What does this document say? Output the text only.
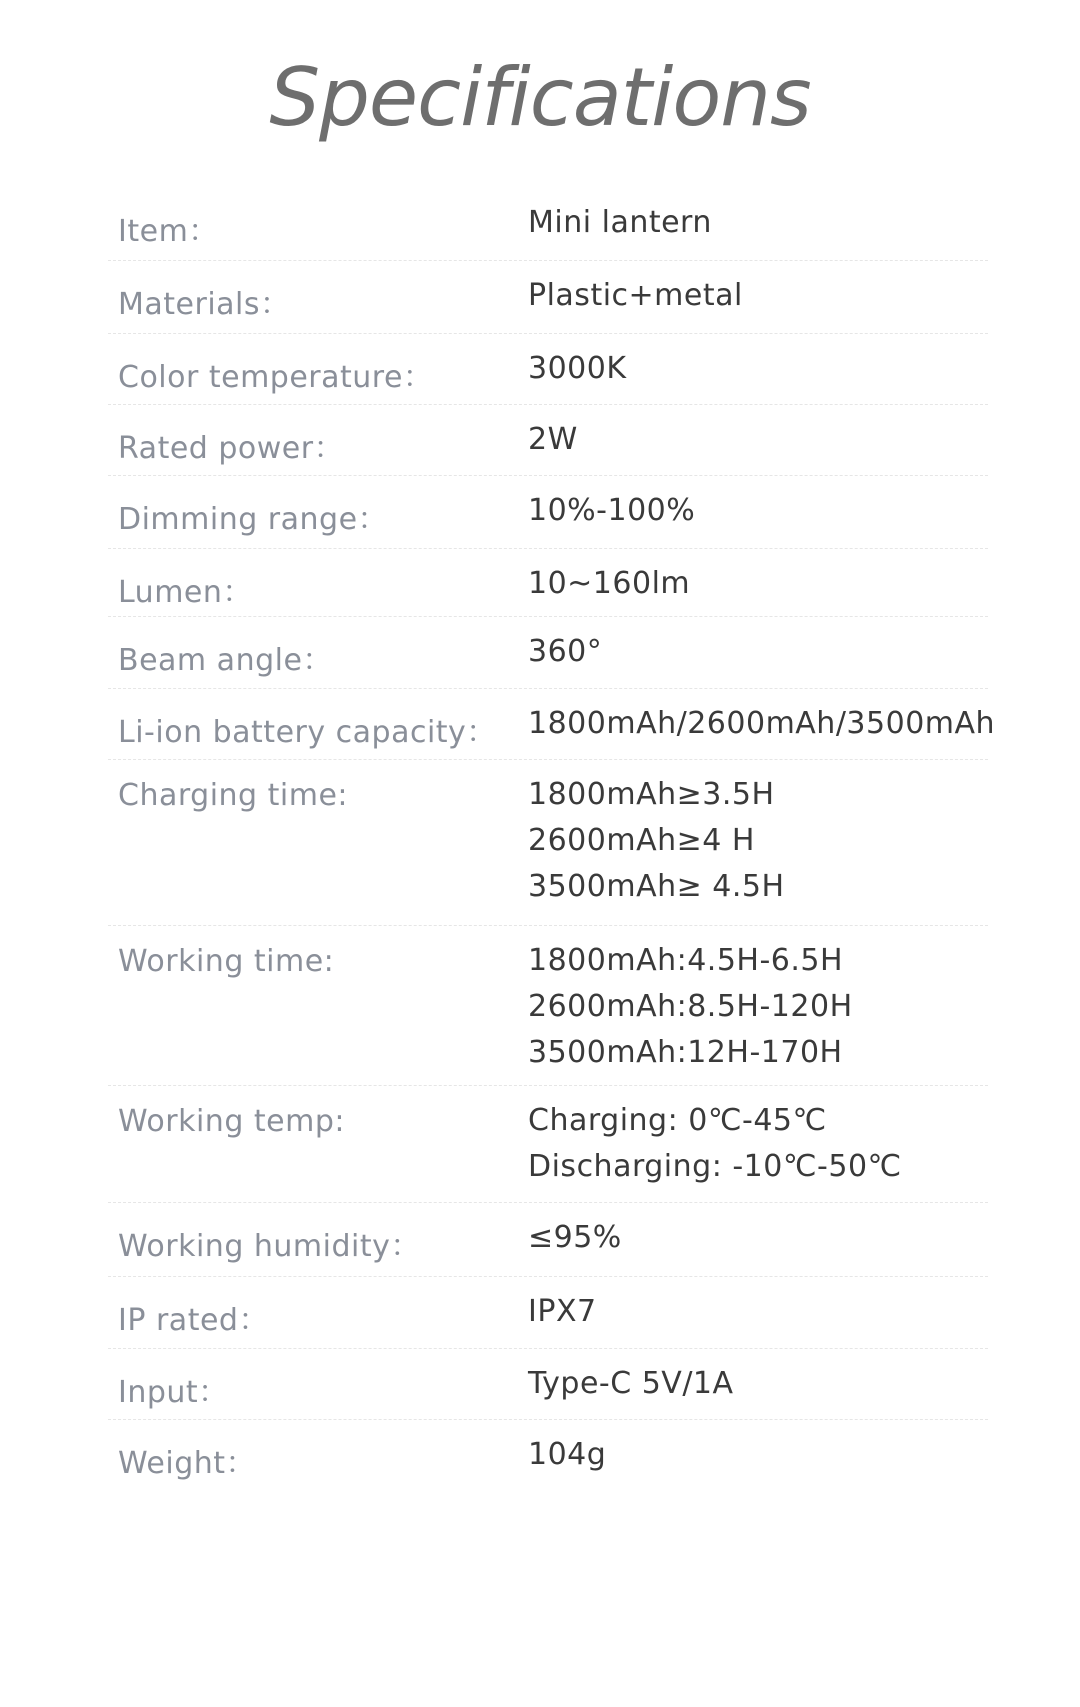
Specifications
Item：	Mini lantern
Materials：	Plastic+metal
Color temperature：	3000K
Rated power：	2W
Dimming range：	10%-100%
Lumen：	10~160lm
Beam angle：	360°
Li-ion battery capacity： 1800mAh/2600mAh/3500mAh
Charging time:	1800mAh≥3.5H
2600mAh≥4 H
3500mAh≥ 4.5H
Working time:	1800mAh:4.5H-6.5H
2600mAh:8.5H-120H
3500mAh:12H-170H
Working temp:	Charging: 0℃-45℃
Discharging: -10℃-50℃
Working humidity：	≤95%
IP rated：	IPX7
Input：	Type-C 5V/1A
Weight：	104g
